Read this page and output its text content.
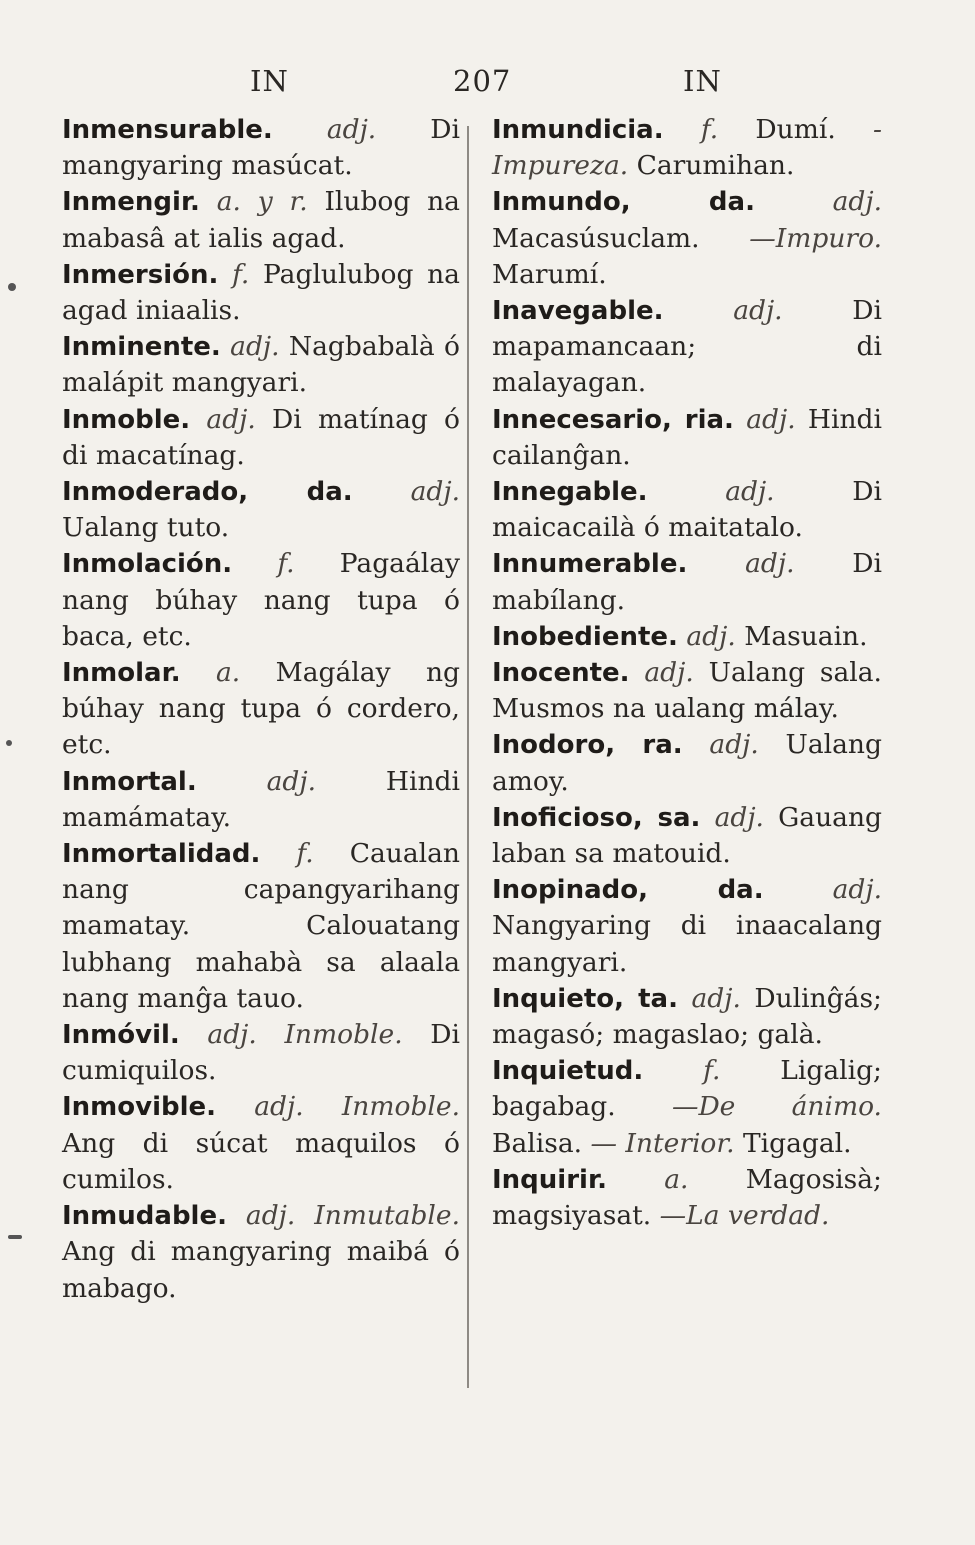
IN	207	IN

Inmensurable. adj. Di mangyaring masúcat.

Inmengir. a. y r. Ilubog na mabasâ at ialis agad.

Inmersión. f. Paglulubog na agad iniaalis.

Inminente. adj. Nagbabalà ó malápit mangyari.

Inmoble. adj. Di matínag ó di macatínag.

Inmoderado, da. adj. Ualang tuto.

Inmolación. f. Pagaálay nang búhay nang tupa ó baca, etc.

Inmolar. a. Magálay ng búhay nang tupa ó cordero, etc.

Inmortal.	adj.	Hindi mamámatay.

Inmortalidad. f. Caualan nang capangyarihang mamatay. Calouatang lubhang mahabà sa alaala nang manĝa tauo.

Inmóvil. adj. Inmoble. Di cumiquilos.

Inmovible. adj. Inmoble. Ang di súcat maquilos ó cumilos.

Inmudable. adj. Inmutable. Ang di mangyaring maibá ó mabago.

Inmundicia. f. Dumí. -Impureza. Carumihan.

Inmundo, da.	adj. Macasúsuclam. —Impuro. Marumí.

Inavegable.	adj.	Di mapamancaan; di malayagan.

Innecesario, ria. adj. Hindi cailanĝan.

Innegable.	adj.	Di maicacailà ó maitatalo.

Innumerable. adj. Di mabílang.

Inobediente. adj. Masuain.

Inocente. adj. Ualang sala. Musmos na ualang málay.

Inodoro, ra. adj. Ualang amoy.

Inoficioso, sa. adj. Gauang laban sa matouid.

Inopinado, da.	adj. Nangyaring di inaacalang mangyari.

Inquieto, ta. adj. Dulinĝás; magasó; magaslao; galà.

Inquietud. f. Ligalig; bagabag. —De ánimo. Balisa. — Interior. Tigagal.

Inquirir. a. Magosisà; magsiyasat. —La verdad.
